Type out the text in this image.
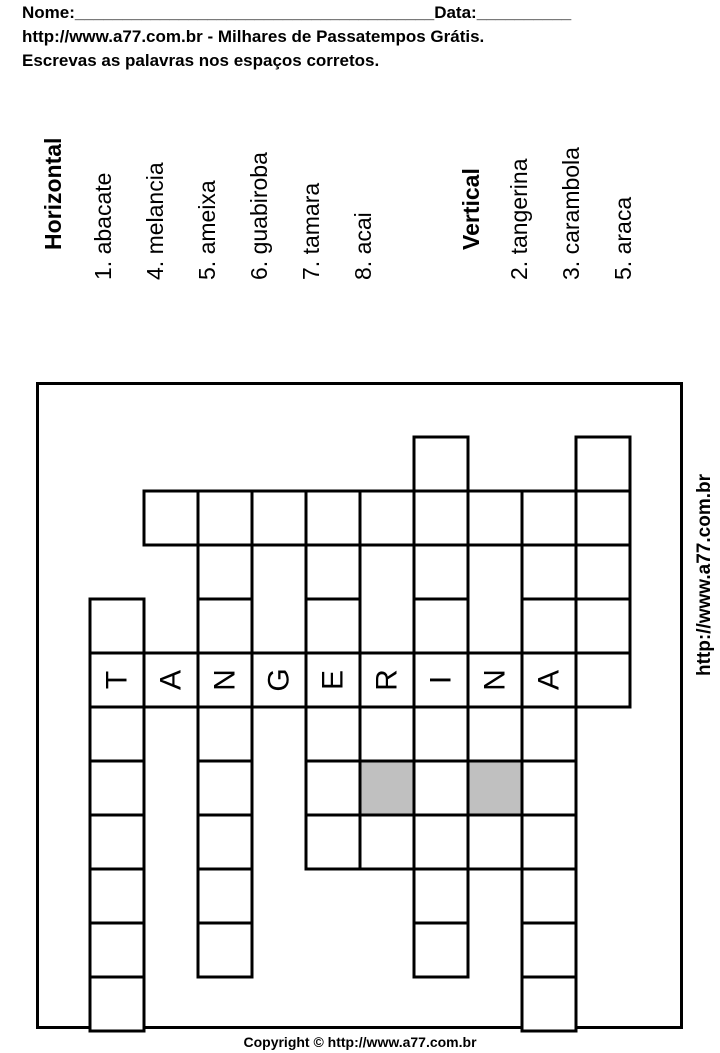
Nome:______________________________________Data:__________
http://www.a77.com.br - Milhares de Passatempos Grátis.
Escrevas as palavras nos espaços corretos.
Horizontal 1. abacate 4. melancia 5. ameixa 6. guabiroba 7. tamara 8. acai	Vertical 2. tangerina 3. carambola 5. araca
T A N G E R I N A
http://www.a77.com.br
Copyright © http://www.a77.com.br
